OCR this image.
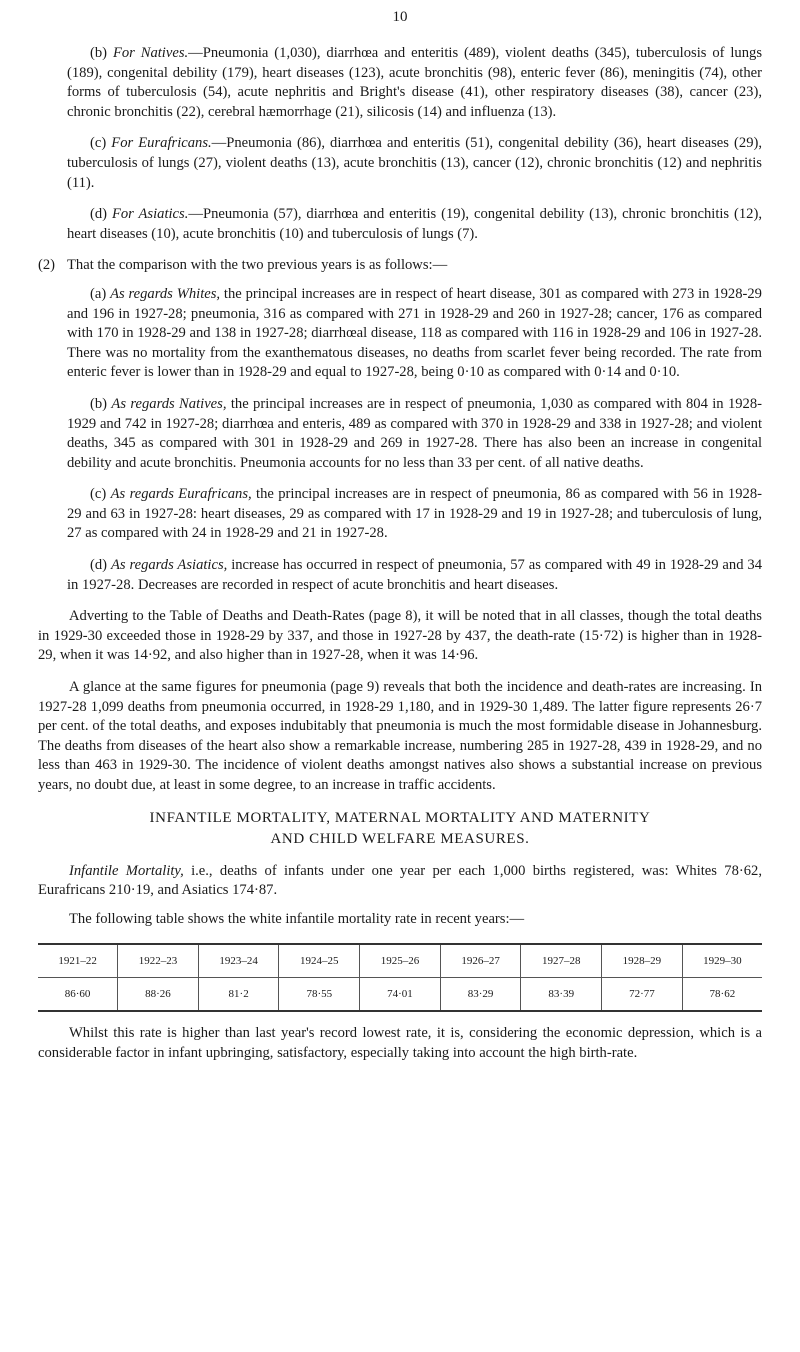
10

(b) For Natives.—Pneumonia (1,030), diarrhœa and enteritis (489), violent deaths (345), tuberculosis of lungs (189), congenital debility (179), heart diseases (123), acute bronchitis (98), enteric fever (86), meningitis (74), other forms of tuberculosis (54), acute nephritis and Bright's disease (41), other respiratory diseases (38), cancer (23), chronic bronchitis (22), cerebral hæmorrhage (21), silicosis (14) and influenza (13).

(c) For Eurafricans.—Pneumonia (86), diarrhœa and enteritis (51), congenital debility (36), heart diseases (29), tuberculosis of lungs (27), violent deaths (13), acute bronchitis (13), cancer (12), chronic bronchitis (12) and nephritis (11).

(d) For Asiatics.—Pneumonia (57), diarrhœa and enteritis (19), congenital debility (13), chronic bronchitis (12), heart diseases (10), acute bronchitis (10) and tuberculosis of lungs (7).

(2) That the comparison with the two previous years is as follows:—

(a) As regards Whites, the principal increases are in respect of heart disease, 301 as compared with 273 in 1928-29 and 196 in 1927-28; pneumonia, 316 as compared with 271 in 1928-29 and 260 in 1927-28; cancer, 176 as compared with 170 in 1928-29 and 138 in 1927-28; diarrhœal disease, 118 as compared with 116 in 1928-29 and 106 in 1927-28. There was no mortality from the exanthematous diseases, no deaths from scarlet fever being recorded. The rate from enteric fever is lower than in 1928-29 and equal to 1927-28, being 0·10 as compared with 0·14 and 0·10.

(b) As regards Natives, the principal increases are in respect of pneumonia, 1,030 as compared with 804 in 1928-1929 and 742 in 1927-28; diarrhœa and enteris, 489 as compared with 370 in 1928-29 and 338 in 1927-28; and violent deaths, 345 as compared with 301 in 1928-29 and 269 in 1927-28. There has also been an increase in congenital debility and acute bronchitis. Pneumonia accounts for no less than 33 per cent. of all native deaths.

(c) As regards Eurafricans, the principal increases are in respect of pneumonia, 86 as compared with 56 in 1928-29 and 63 in 1927-28: heart diseases, 29 as compared with 17 in 1928-29 and 19 in 1927-28; and tuberculosis of lung, 27 as compared with 24 in 1928-29 and 21 in 1927-28.

(d) As regards Asiatics, increase has occurred in respect of pneumonia, 57 as compared with 49 in 1928-29 and 34 in 1927-28. Decreases are recorded in respect of acute bronchitis and heart diseases.

Adverting to the Table of Deaths and Death-Rates (page 8), it will be noted that in all classes, though the total deaths in 1929-30 exceeded those in 1928-29 by 337, and those in 1927-28 by 437, the death-rate (15·72) is higher than in 1928-29, when it was 14·92, and also higher than in 1927-28, when it was 14·96.

A glance at the same figures for pneumonia (page 9) reveals that both the incidence and death-rates are increasing. In 1927-28 1,099 deaths from pneumonia occurred, in 1928-29 1,180, and in 1929-30 1,489. The latter figure represents 26·7 per cent. of the total deaths, and exposes indubitably that pneumonia is much the most formidable disease in Johannesburg. The deaths from diseases of the heart also show a remarkable increase, numbering 285 in 1927-28, 439 in 1928-29, and no less than 463 in 1929-30. The incidence of violent deaths amongst natives also shows a substantial increase on previous years, no doubt due, at least in some degree, to an increase in traffic accidents.

INFANTILE MORTALITY, MATERNAL MORTALITY AND MATERNITY
AND CHILD WELFARE MEASURES.

Infantile Mortality, i.e., deaths of infants under one year per each 1,000 births registered, was: Whites 78·62, Eurafricans 210·19, and Asiatics 174·87.

The following table shows the white infantile mortality rate in recent years:—

1921–22	1922–23	1923–24	1924–25	1925–26	1926–27	1927–28	1928–29	1929–30
86·60	88·26	81·2	78·55	74·01	83·29	83·39	72·77	78·62

Whilst this rate is higher than last year's record lowest rate, it is, considering the economic depression, which is a considerable factor in infant upbringing, satisfactory, especially taking into account the high birth-rate.
